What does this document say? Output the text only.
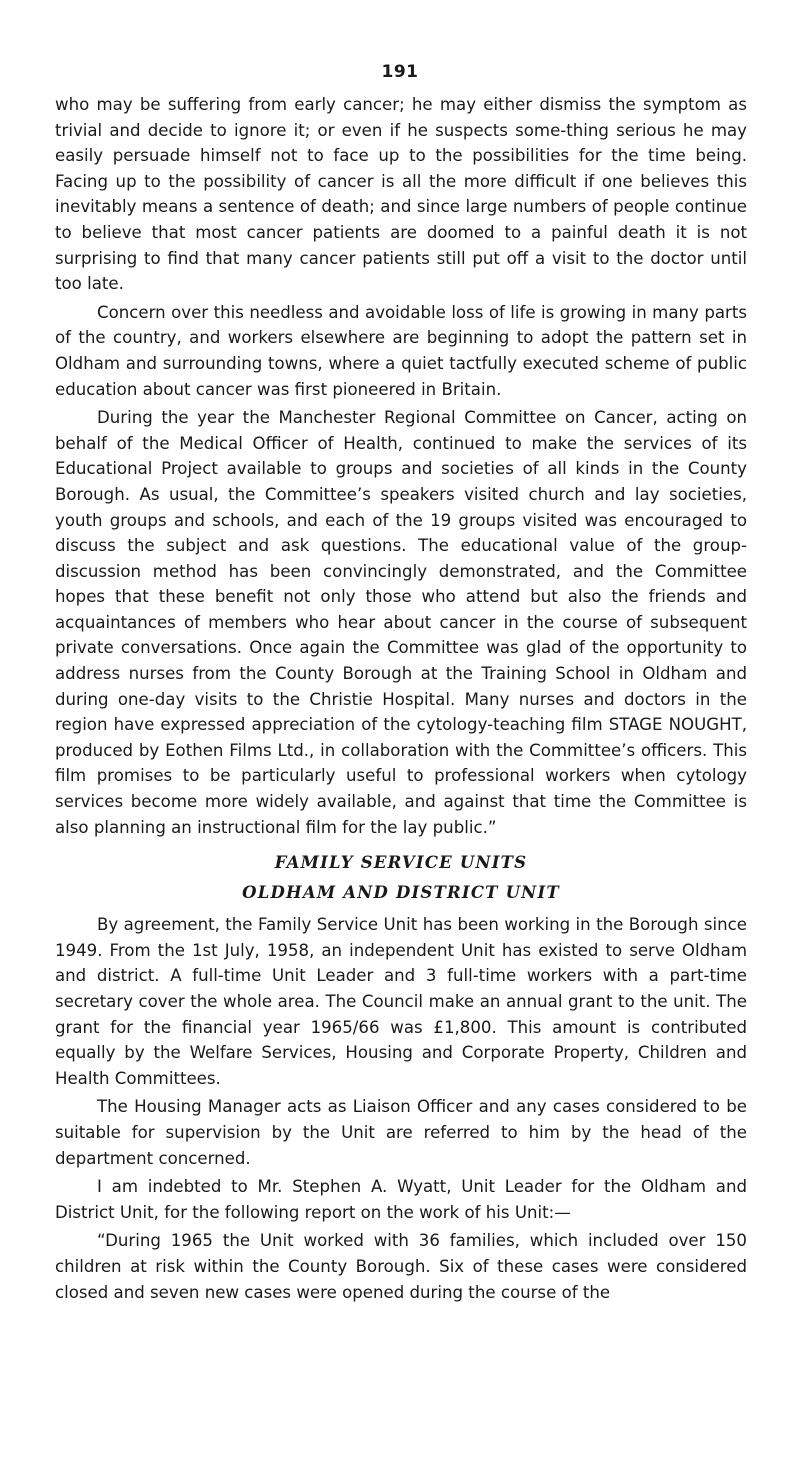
191

who may be suffering from early cancer; he may either dismiss the symptom as trivial and decide to ignore it; or even if he suspects some-thing serious he may easily persuade himself not to face up to the possibilities for the time being. Facing up to the possibility of cancer is all the more difficult if one believes this inevitably means a sentence of death; and since large numbers of people continue to believe that most cancer patients are doomed to a painful death it is not surprising to find that many cancer patients still put off a visit to the doctor until too late.

Concern over this needless and avoidable loss of life is growing in many parts of the country, and workers elsewhere are beginning to adopt the pattern set in Oldham and surrounding towns, where a quiet tactfully executed scheme of public education about cancer was first pioneered in Britain.

During the year the Manchester Regional Committee on Cancer, acting on behalf of the Medical Officer of Health, continued to make the services of its Educational Project available to groups and societies of all kinds in the County Borough. As usual, the Committee’s speakers visited church and lay societies, youth groups and schools, and each of the 19 groups visited was encouraged to discuss the subject and ask questions. The educational value of the group-discussion method has been convincingly demonstrated, and the Committee hopes that these benefit not only those who attend but also the friends and acquaintances of members who hear about cancer in the course of subsequent private conversations. Once again the Committee was glad of the opportunity to address nurses from the County Borough at the Training School in Oldham and during one-day visits to the Christie Hospital. Many nurses and doctors in the region have expressed appreciation of the cytology-teaching film STAGE NOUGHT, produced by Eothen Films Ltd., in collaboration with the Committee’s officers. This film promises to be particularly useful to professional workers when cytology services become more widely available, and against that time the Committee is also planning an instructional film for the lay public.”

FAMILY SERVICE UNITS
OLDHAM AND DISTRICT UNIT

By agreement, the Family Service Unit has been working in the Borough since 1949. From the 1st July, 1958, an independent Unit has existed to serve Oldham and district. A full-time Unit Leader and 3 full-time workers with a part-time secretary cover the whole area. The Council make an annual grant to the unit. The grant for the financial year 1965/66 was £1,800. This amount is contributed equally by the Welfare Services, Housing and Corporate Property, Children and Health Committees.

The Housing Manager acts as Liaison Officer and any cases considered to be suitable for supervision by the Unit are referred to him by the head of the department concerned.

I am indebted to Mr. Stephen A. Wyatt, Unit Leader for the Oldham and District Unit, for the following report on the work of his Unit:—

“During 1965 the Unit worked with 36 families, which included over 150 children at risk within the County Borough. Six of these cases were considered closed and seven new cases were opened during the course of the
